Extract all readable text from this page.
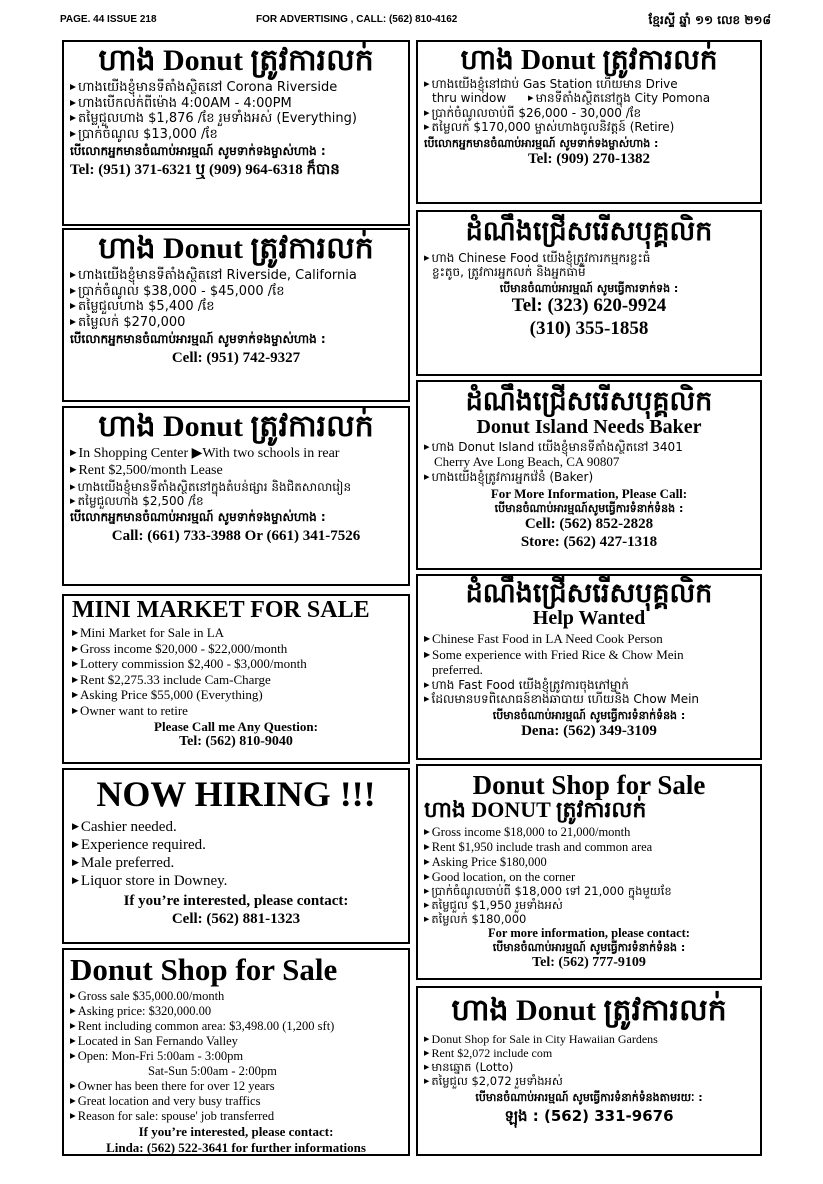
PAGE. 44 ISSUE 218	FOR ADVERTISING , CALL: (562) 810-4162	ខ្មែរស្ទី ឆ្នាំ ១១ លេខ ២១៨
ហាង Donut ត្រូវការលក់
▶ ហាងយើងខ្ញុំមានទីតាំងស្ថិតនៅ Corona Riverside
▶ ហាងបើកលក់ពីម៉ោង 4:00AM - 4:00PM
▶ តម្លៃជួលហាង $1,876 /ខែ រួមទាំងអស់ (Everything)
▶ ប្រាក់ចំណូល $13,000 /ខែ
បើលោកអ្នកមានចំណាប់អារម្មណ៍ សូមទាក់ទងម្ចាស់ហាង :
Tel: (951) 371-6321 ឬ (909) 964-6318 ក៏បាន
ហាង Donut ត្រូវការលក់
▶ ហាងយើងខ្ញុំមានទីតាំងស្ថិតនៅ Riverside, California
▶ ប្រាក់ចំណូល $38,000 - $45,000 /ខែ
▶ តម្លៃជួលហាង $5,400 /ខែ
▶ តម្លៃលក់ $270,000
បើលោកអ្នកមានចំណាប់អារម្មណ៍ សូមទាក់ទងម្ចាស់ហាង :
Cell: (951) 742-9327
ហាង Donut ត្រូវការលក់
▶ In Shopping Center ▶With two schools in rear
▶ Rent $2,500/month Lease
▶ ហាងយើងខ្ញុំមានទីតាំងស្ថិតនៅក្នុងតំបន់ផ្សារ និងជិតសាលារៀន
▶ តម្លៃជួលហាង $2,500 /ខែ
បើលោកអ្នកមានចំណាប់អារម្មណ៍ សូមទាក់ទងម្ចាស់ហាង :
Call: (661) 733-3988 Or (661) 341-7526
MINI MARKET FOR SALE
▶ Mini Market for Sale in LA
▶ Gross income $20,000 - $22,000/month
▶ Lottery commission $2,400 - $3,000/month
▶ Rent $2,275.33 include Cam-Charge
▶ Asking Price $55,000 (Everything)
▶ Owner want to retire
Please Call me Any Question:
Tel: (562) 810-9040
NOW HIRING !!!
▶ Cashier needed.
▶ Experience required.
▶ Male preferred.
▶ Liquor store in Downey.
If you’re interested, please contact:
Cell: (562) 881-1323
Donut Shop for Sale
▶ Gross sale $35,000.00/month
▶ Asking price: $320,000.00
▶ Rent including common area: $3,498.00 (1,200 sft)
▶ Located in San Fernando Valley
▶ Open: Mon-Fri 5:00am - 3:00pm
Sat-Sun 5:00am - 2:00pm
▶ Owner has been there for over 12 years
▶ Great location and very busy traffics
▶ Reason for sale: spouse' job transferred
If you’re interested, please contact:
Linda: (562) 522-3641 for further informations
ហាង Donut ត្រូវការលក់
▶ ហាងយើងខ្ញុំនៅជាប់ Gas Station ហើយមាន Drive
thru window ▶ មានទីតាំងស្ថិតនៅក្នុង City Pomona
▶ ប្រាក់ចំណូលចាប់ពី $26,000 - 30,000 /ខែ
▶ តម្លៃលក់ $170,000 ម្ចាស់ហាងចូលនិវត្តន៍ (Retire)
បើលោកអ្នកមានចំណាប់អារម្មណ៍ សូមទាក់ទងម្ចាស់ហាង :
Tel: (909) 270-1382
ដំណឹងជ្រើសរើសបុគ្គលិក
▶ ហាង Chinese Food យើងខ្ញុំត្រូវការកម្មករខ្លះធំ
ខ្លះតូច, ត្រូវការអ្នកលក់ និងអ្នកធាមី
បើមានចំណាប់អារម្មណ៍ សូមធ្វើការទាក់ទង :
Tel: (323) 620-9924
(310) 355-1858
ដំណឹងជ្រើសរើសបុគ្គលិក
Donut Island Needs Baker
▶ ហាង Donut Island យើងខ្ញុំមានទីតាំងស្ថិតនៅ 3401
Cherry Ave Long Beach, CA 90807
▶ ហាងយើងខ្ញុំត្រូវការអ្នកវ៉េនំ (Baker)
For More Information, Please Call:
បើមានចំណាប់អារម្មណ៍សូមធ្វើការទំនាក់ទំនង :
Cell: (562) 852-2828
Store: (562) 427-1318
ដំណឹងជ្រើសរើសបុគ្គលិក
Help Wanted
▶ Chinese Fast Food in LA Need Cook Person
▶ Some experience with Fried Rice & Chow Mein
preferred.
▶ ហាង Fast Food យើងខ្ញុំត្រូវការចុងភៅម្នាក់
▶ ដែលមានបទពិសោធន៍ខាងឆាបាយ ហើយនិង Chow Mein
បើមានចំណាប់អារម្មណ៍ សូមធ្វើការទំនាក់ទំនង :
Dena: (562) 349-3109
Donut Shop for Sale
ហាង DONUT ត្រូវការលក់
▶ Gross income $18,000 to 21,000/month
▶ Rent $1,950 include trash and common area
▶ Asking Price $180,000
▶ Good location, on the corner
▶ ប្រាក់ចំណូលចាប់ពី $18,000 ទៅ 21,000 ក្នុងមួយខែ
▶ តម្លៃជួល $1,950 រួមទាំងអស់
▶ តម្លៃលក់ $180,000
For more information, please contact:
បើមានចំណាប់អារម្មណ៍ សូមធ្វើការទំនាក់ទំនង :
Tel: (562) 777-9109
ហាង Donut ត្រូវការលក់
▶ Donut Shop for Sale in City Hawaiian Gardens
▶ Rent $2,072 include com
▶ មានឆ្នោត (Lotto)
▶ តម្លៃជួល $2,072 រួមទាំងអស់
បើមានចំណាប់អារម្មណ៍ សូមធ្វើការទំនាក់ទំនងតាមរយៈ :
ឡុង : (562) 331-9676
